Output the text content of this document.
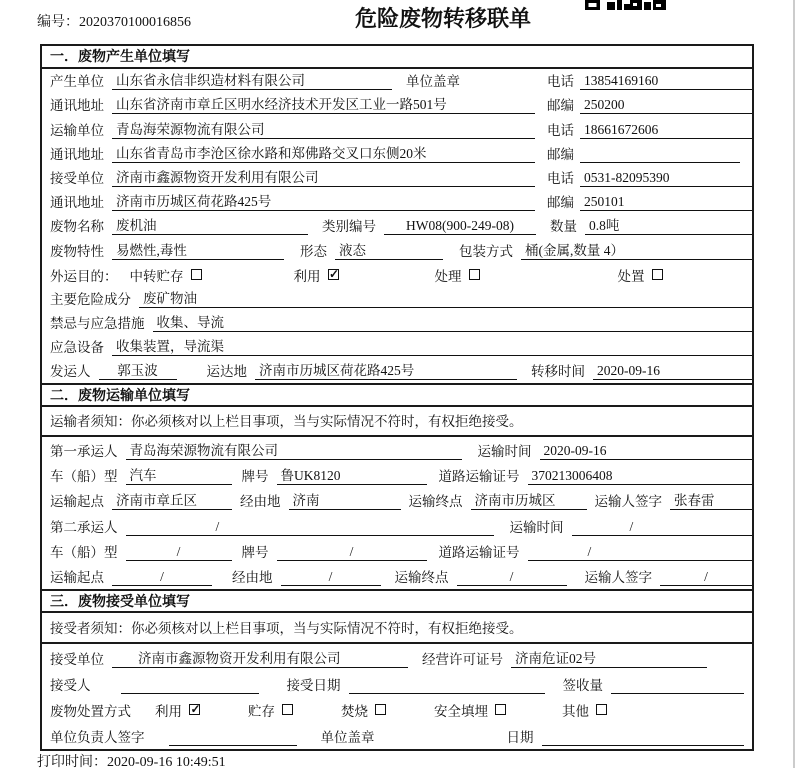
编号：2020370100016856	危险废物转移联单
一．废物产生单位填写
产生单位 山东省永信非织造材料有限公司	单位盖章	电话 13854169160
通讯地址 山东省济南市章丘区明水经济技术开发区工业一路501号	邮编 250200
运输单位 青岛海荣源物流有限公司	电话 18661672606
通讯地址 山东省青岛市李沧区徐水路和郑佛路交叉口东侧20米	邮编
接受单位 济南市鑫源物资开发利用有限公司	电话 0531-82095390
通讯地址 济南市历城区荷花路425号	邮编 250101
废物名称 废机油	类别编号	HW08(900-249-08)	数量 0.8吨
废物特性 易燃性,毒性	形态 液态	包装方式 桶(金属,数量 4）
外运目的： 中转贮存	利用 ✓	处理	处置
主要危险成分 废矿物油
禁忌与应急措施 收集、导流
应急设备 收集装置，导流渠
发运人	郭玉波	运达地 济南市历城区荷花路425号	转移时间 2020-09-16
二．废物运输单位填写
运输者须知：你必须核对以上栏目事项，当与实际情况不符时，有权拒绝接受。
第一承运人 青岛海荣源物流有限公司	运输时间 2020-09-16
车（船）型 汽车	牌号 鲁UK8120	道路运输证号 370213006408
运输起点 济南市章丘区	经由地 济南	运输终点 济南市历城区	运输人签字 张春雷
第二承运人	/	运输时间	/
车（船）型	/	牌号	/	道路运输证号	/
运输起点	/	经由地	/	运输终点	/	运输人签字	/
三．废物接受单位填写
接受者须知：你必须核对以上栏目事项，当与实际情况不符时，有权拒绝接受。
接受单位	济南市鑫源物资开发利用有限公司	经营许可证号 济南危证02号
接受人	接受日期	签收量
废物处置方式 利用 ✓	贮存	焚烧	安全填埋	其他
单位负责人签字	单位盖章	日期
打印时间：2020-09-16 10:49:51
